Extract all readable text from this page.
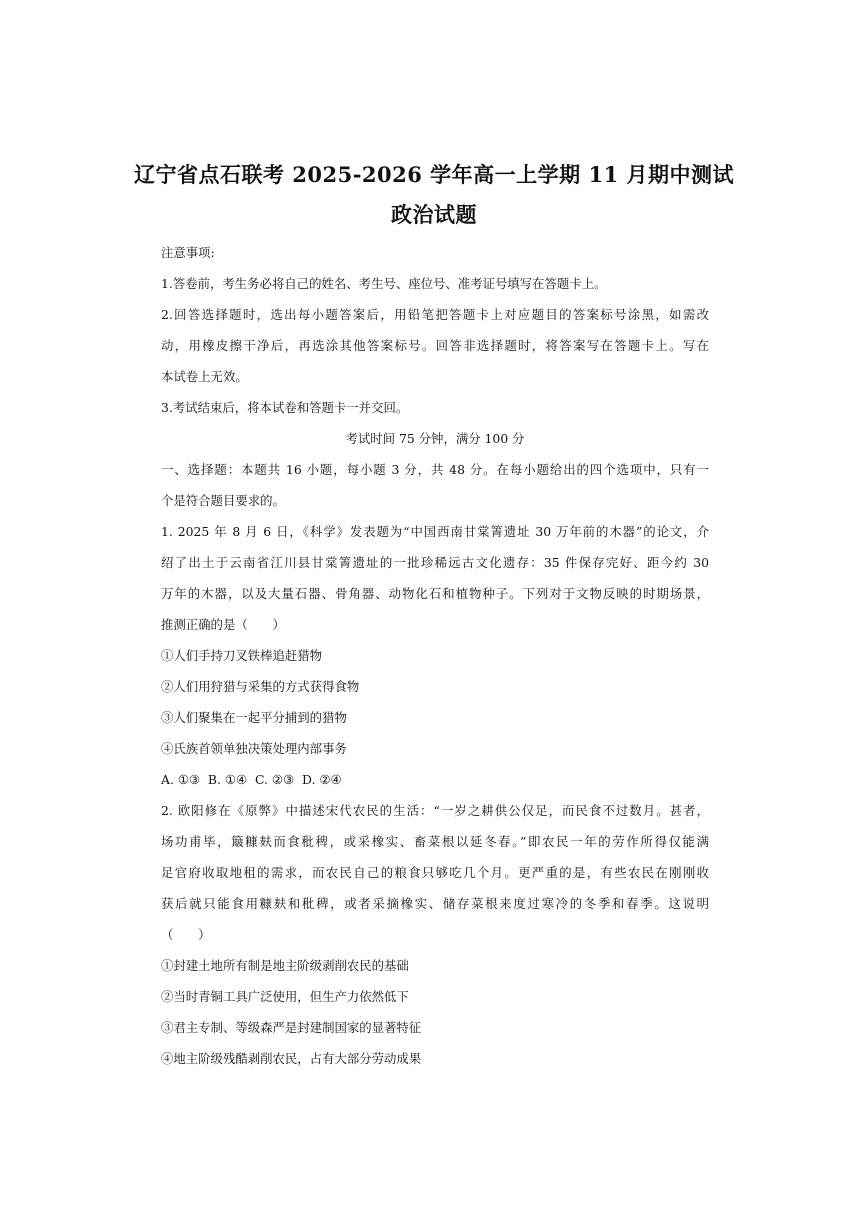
辽宁省点石联考 2025-2026 学年高一上学期 11 月期中测试
政治试题
注意事项:
1.答卷前，考生务必将自己的姓名、考生号、座位号、准考证号填写在答题卡上。
2.回答选择题时，选出每小题答案后，用铅笔把答题卡上对应题目的答案标号涂黑，如需改
动，用橡皮擦干净后，再选涂其他答案标号。回答非选择题时，将答案写在答题卡上。写在
本试卷上无效。
3.考试结束后，将本试卷和答题卡一并交回。
考试时间 75 分钟，满分 100 分
一、选择题：本题共 16 小题，每小题 3 分，共 48 分。在每小题给出的四个选项中，只有一
个是符合题目要求的。
1. 2025 年 8 月 6 日，《科学》发表题为“中国西南甘棠箐遗址 30 万年前的木器”的论文，介
绍了出土于云南省江川县甘棠箐遗址的一批珍稀远古文化遗存：35 件保存完好、距今约 30
万年的木器，以及大量石器、骨角器、动物化石和植物种子。下列对于文物反映的时期场景，
推测正确的是（　　）
①人们手持刀叉铁棒追赶猎物
②人们用狩猎与采集的方式获得食物
③人们聚集在一起平分捕到的猎物
④氏族首领单独决策处理内部事务
A. ①③  B. ①④  C. ②③  D. ②④
2. 欧阳修在《原弊》中描述宋代农民的生活：“一岁之耕供公仅足，而民食不过数月。甚者，
场功甫毕，簸糠麸而食秕稗，或采橡实、畜菜根以延冬春。”即农民一年的劳作所得仅能满
足官府收取地租的需求，而农民自己的粮食只够吃几个月。更严重的是，有些农民在刚刚收
获后就只能食用糠麸和秕稗，或者采摘橡实、储存菜根来度过寒冷的冬季和春季。这说明
（　　）
①封建土地所有制是地主阶级剥削农民的基础
②当时青铜工具广泛使用，但生产力依然低下
③君主专制、等级森严是封建制国家的显著特征
④地主阶级残酷剥削农民，占有大部分劳动成果
